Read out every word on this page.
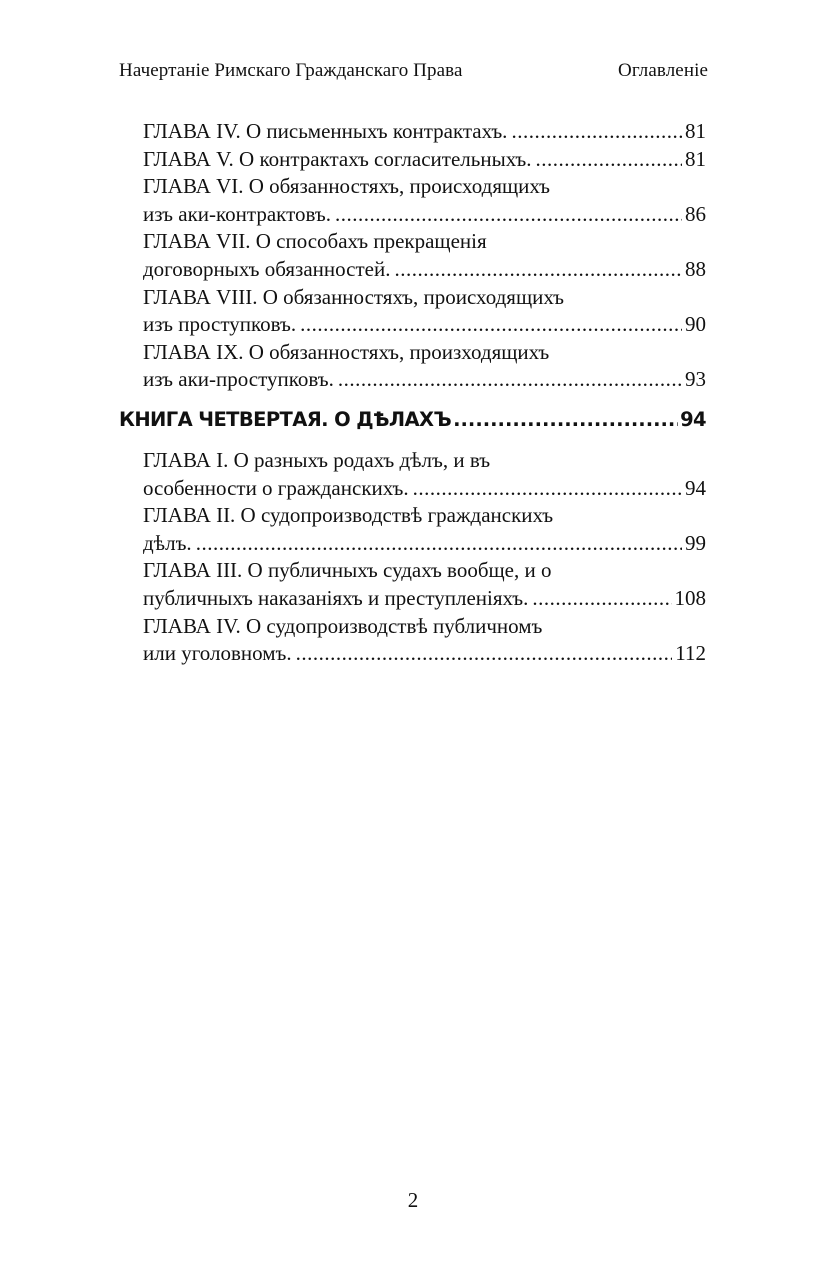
Начертаніе Римскаго Гражданскаго Права	Оглавленіе
ГЛАВА IV. О письменныхъ контрактахъ. .....	81
ГЛАВА V. О контрактахъ согласительныхъ. .....	81
ГЛАВА VI. О обязанностяхъ, происходящихъ
изъ аки-контрактовъ. .....	86
ГЛАВА VII. О способахъ прекращенія
договорныхъ обязанностей. .....	88
ГЛАВА VIII. О обязанностяхъ, происходящихъ
изъ проступковъ. .....	90
ГЛАВА IX. О обязанностяхъ, произходящихъ
изъ аки-проступковъ. .....	93
КНИГА ЧЕТВЕРТАЯ. О ДѢЛАХЪ .....	94
ГЛАВА I. О разныхъ родахъ дѣлъ, и въ
особенности о гражданскихъ. .....	94
ГЛАВА II. О судопроизводствѣ гражданскихъ
дѣлъ. .....	99
ГЛАВА III. О публичныхъ судахъ вообще, и о
публичныхъ наказаніяхъ и преступленіяхъ. .....	108
ГЛАВА IV. О судопроизводствѣ публичномъ
или уголовномъ. .....	112
2
